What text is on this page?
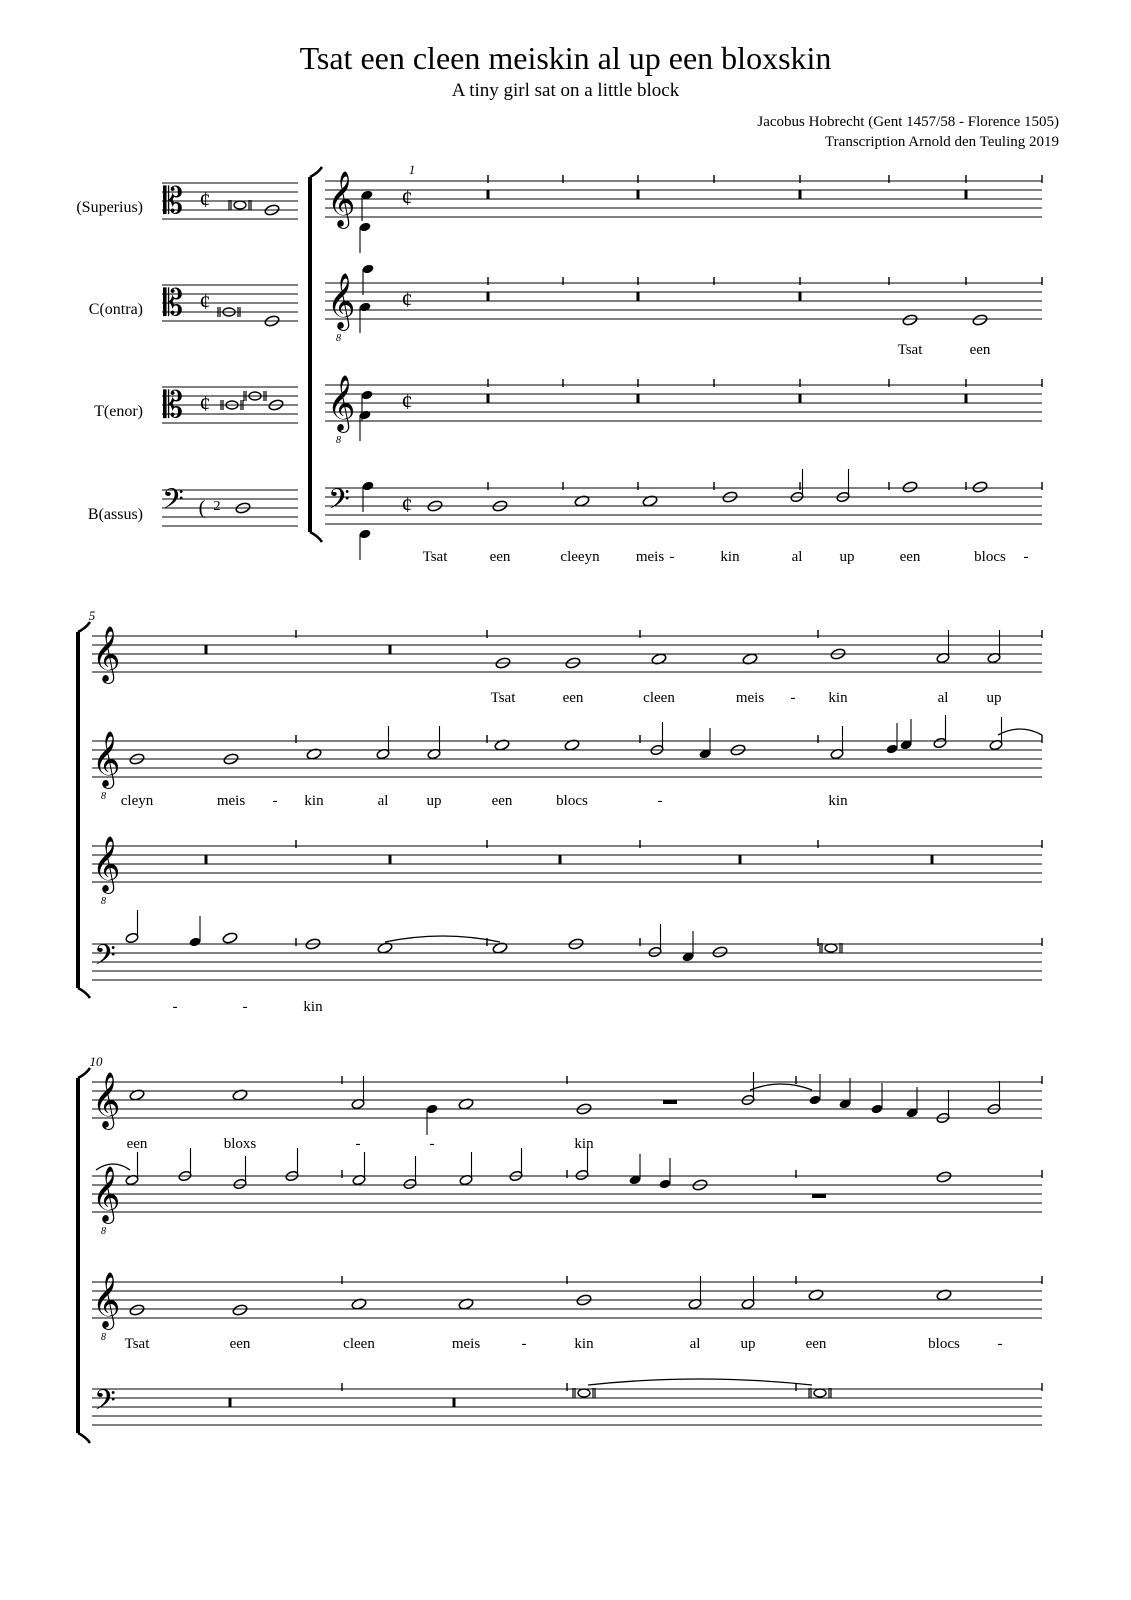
Tsat een cleen meiskin al up een bloxskin
A tiny girl sat on a little block
Jacobus Hobrecht (Gent 1457/58 - Florence 1505)
Transcription Arnold den Teuling 2019
(Superius)
C(ontra)
T(enor)
B(assus)
𝄡
𝄡
𝄡
𝄢
¢
¢
¢
( 2
𝄞 ¢
𝄞
8
¢
𝄞
8
¢
𝄢 ¢
1
Tsat	een
Tsat	een	cleeyn meis -	kin	al up	een	blocs -
5
𝄞
𝄞
8
𝄞
8
𝄢
Tsat	een	cleen	meis - kin	al	up
cleyn	meis - kin	al	up	een	blocs	-	kin
-	-	kin
10
𝄞
𝄞
8
𝄞
8
𝄢
een	bloxs	-	-	kin
Tsat	een	cleen	meis	-	kin	al	up	een	blocs	-
